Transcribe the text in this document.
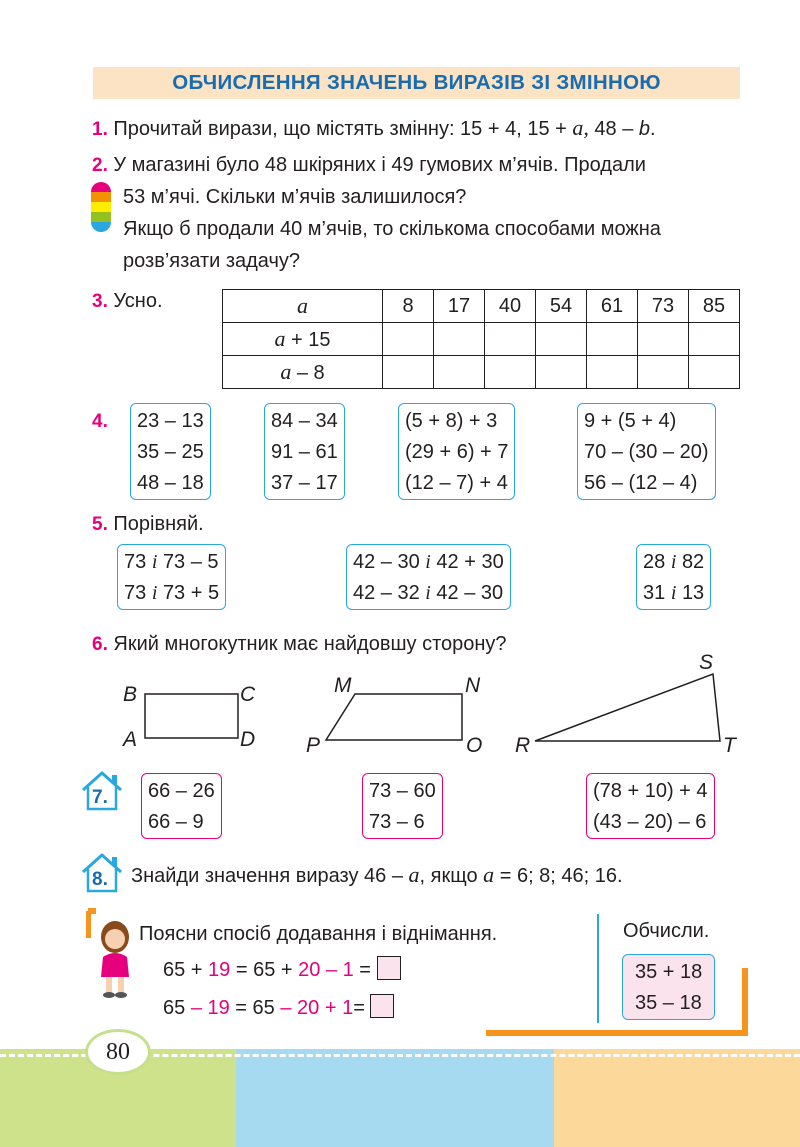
ОБЧИСЛЕННЯ ЗНАЧЕНЬ ВИРАЗІВ ЗІ ЗМІННОЮ
1. Прочитай вирази, що містять змінну: 15 + 4, 15 + a, 48 – b.
2. У магазині було 48 шкіряних і 49 гумових м’ячів. Продали
53 м’ячі. Скільки м’ячів залишилося?
Якщо б продали 40 м’ячів, то скількома способами можна
розв’язати задачу?
3. Усно.	a	8	17	40	54	61	73	85
a + 15							
a – 8							
4. 23 – 13
35 – 25
48 – 18
84 – 34
91 – 61
37 – 17
(5 + 8) + 3
(29 + 6) + 7
(12 – 7) + 4
9 + (5 + 4)
70 – (30 – 20)
56 – (12 – 4)
5. Порівняй.
73 і 73 – 5
73 і 73 + 5
42 – 30 і 42 + 30
42 – 32 і 42 – 30
28 і 82
31 і 13
6. Який многокутник має найдовшу сторону?
B	C
A	D
M	N
P	O
S
R	T
7. 66 – 26
66 – 9
73 – 60
73 – 6
(78 + 10) + 4
(43 – 20) – 6
8. Знайди значення виразу 46 – a, якщо a = 6; 8; 46; 16.
Поясни спосіб додавання і віднімання.
65 + 19 = 65 + 20 – 1 =
65 – 19 = 65 – 20 + 1=
Обчисли.
35 + 18
35 – 18
80
